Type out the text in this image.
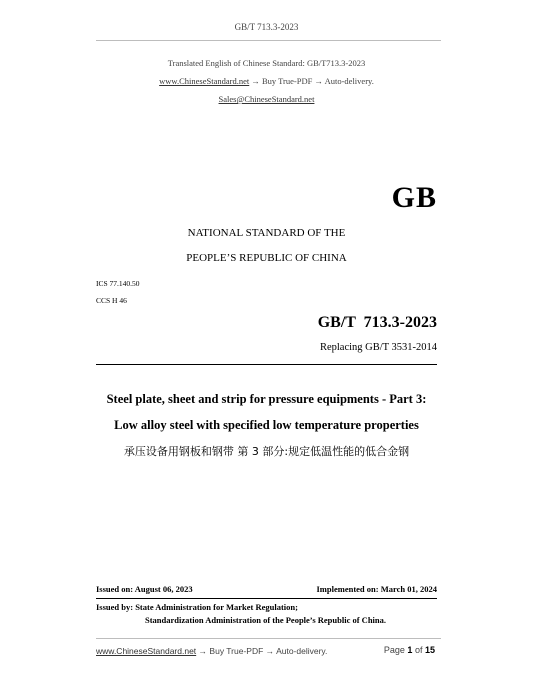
GB/T 713.3-2023
Translated English of Chinese Standard: GB/T713.3-2023
www.ChineseStandard.net → Buy True-PDF → Auto-delivery.
Sales@ChineseStandard.net
GB
NATIONAL STANDARD OF THE
PEOPLE’S REPUBLIC OF CHINA
ICS 77.140.50
CCS H 46
GB/T  713.3-2023
Replacing GB/T 3531-2014
Steel plate, sheet and strip for pressure equipments - Part 3:
Low alloy steel with specified low temperature properties
承压设备用钢板和钢带 第 3 部分:规定低温性能的低合金钢
Issued on: August 06, 2023	Implemented on: March 01, 2024
Issued by: State Administration for Market Regulation;
Standardization Administration of the People’s Republic of China.
www.ChineseStandard.net → Buy True-PDF → Auto-delivery.	Page 1 of 15
